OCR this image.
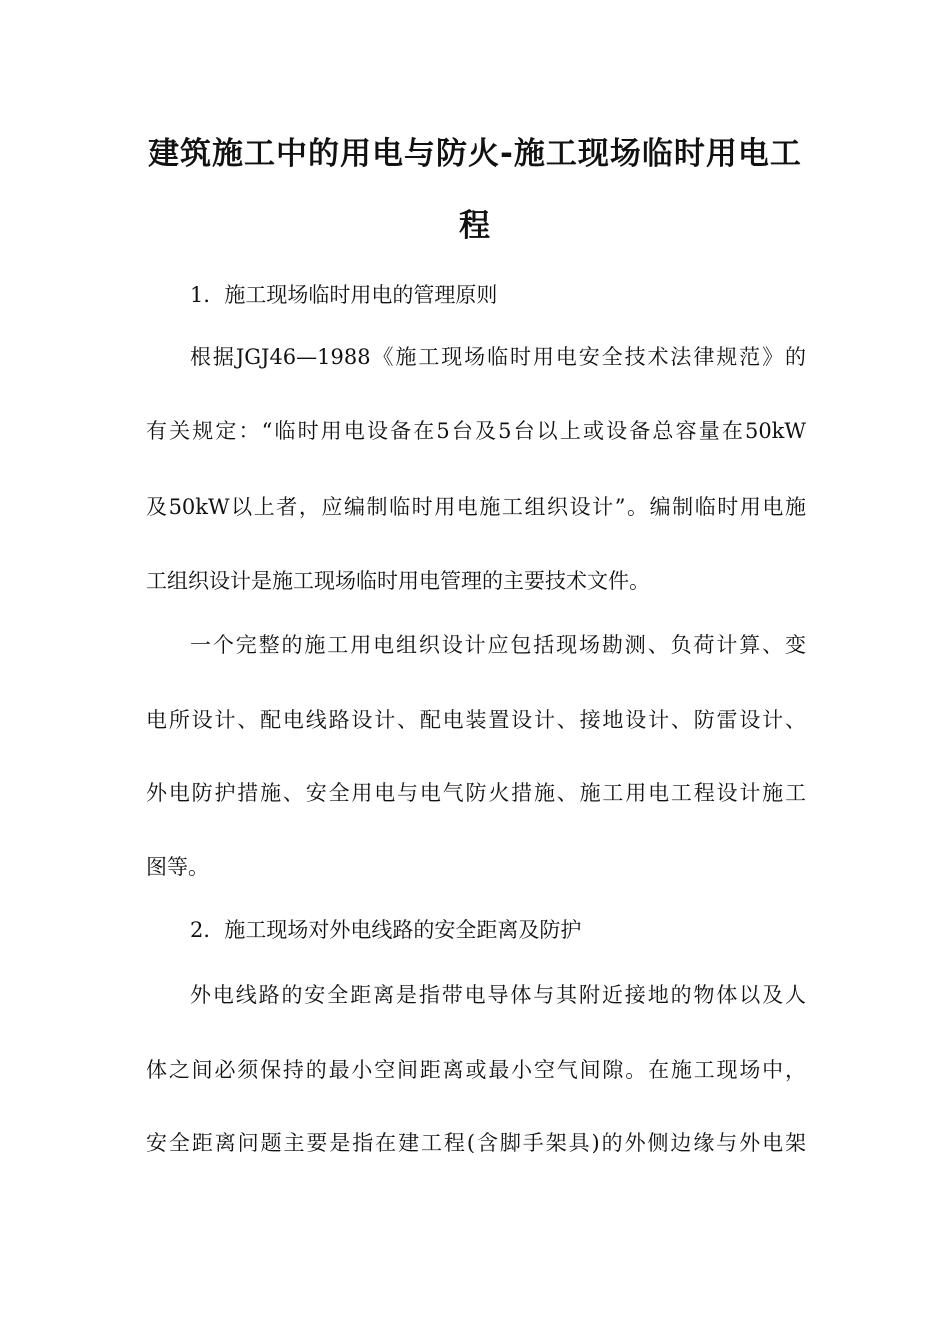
建筑施工中的用电与防火-施工现场临时用电工
程
1．施工现场临时用电的管理原则
根据JGJ46—1988《施工现场临时用电安全技术法律规范》的
有关规定：“临时用电设备在5台及5台以上或设备总容量在50kW
及50kW以上者，应编制临时用电施工组织设计”。编制临时用电施
工组织设计是施工现场临时用电管理的主要技术文件。
一个完整的施工用电组织设计应包括现场勘测、负荷计算、变
电所设计、配电线路设计、配电装置设计、接地设计、防雷设计、
外电防护措施、安全用电与电气防火措施、施工用电工程设计施工
图等。
2．施工现场对外电线路的安全距离及防护
外电线路的安全距离是指带电导体与其附近接地的物体以及人
体之间必须保持的最小空间距离或最小空气间隙。在施工现场中，
安全距离问题主要是指在建工程(含脚手架具)的外侧边缘与外电架
